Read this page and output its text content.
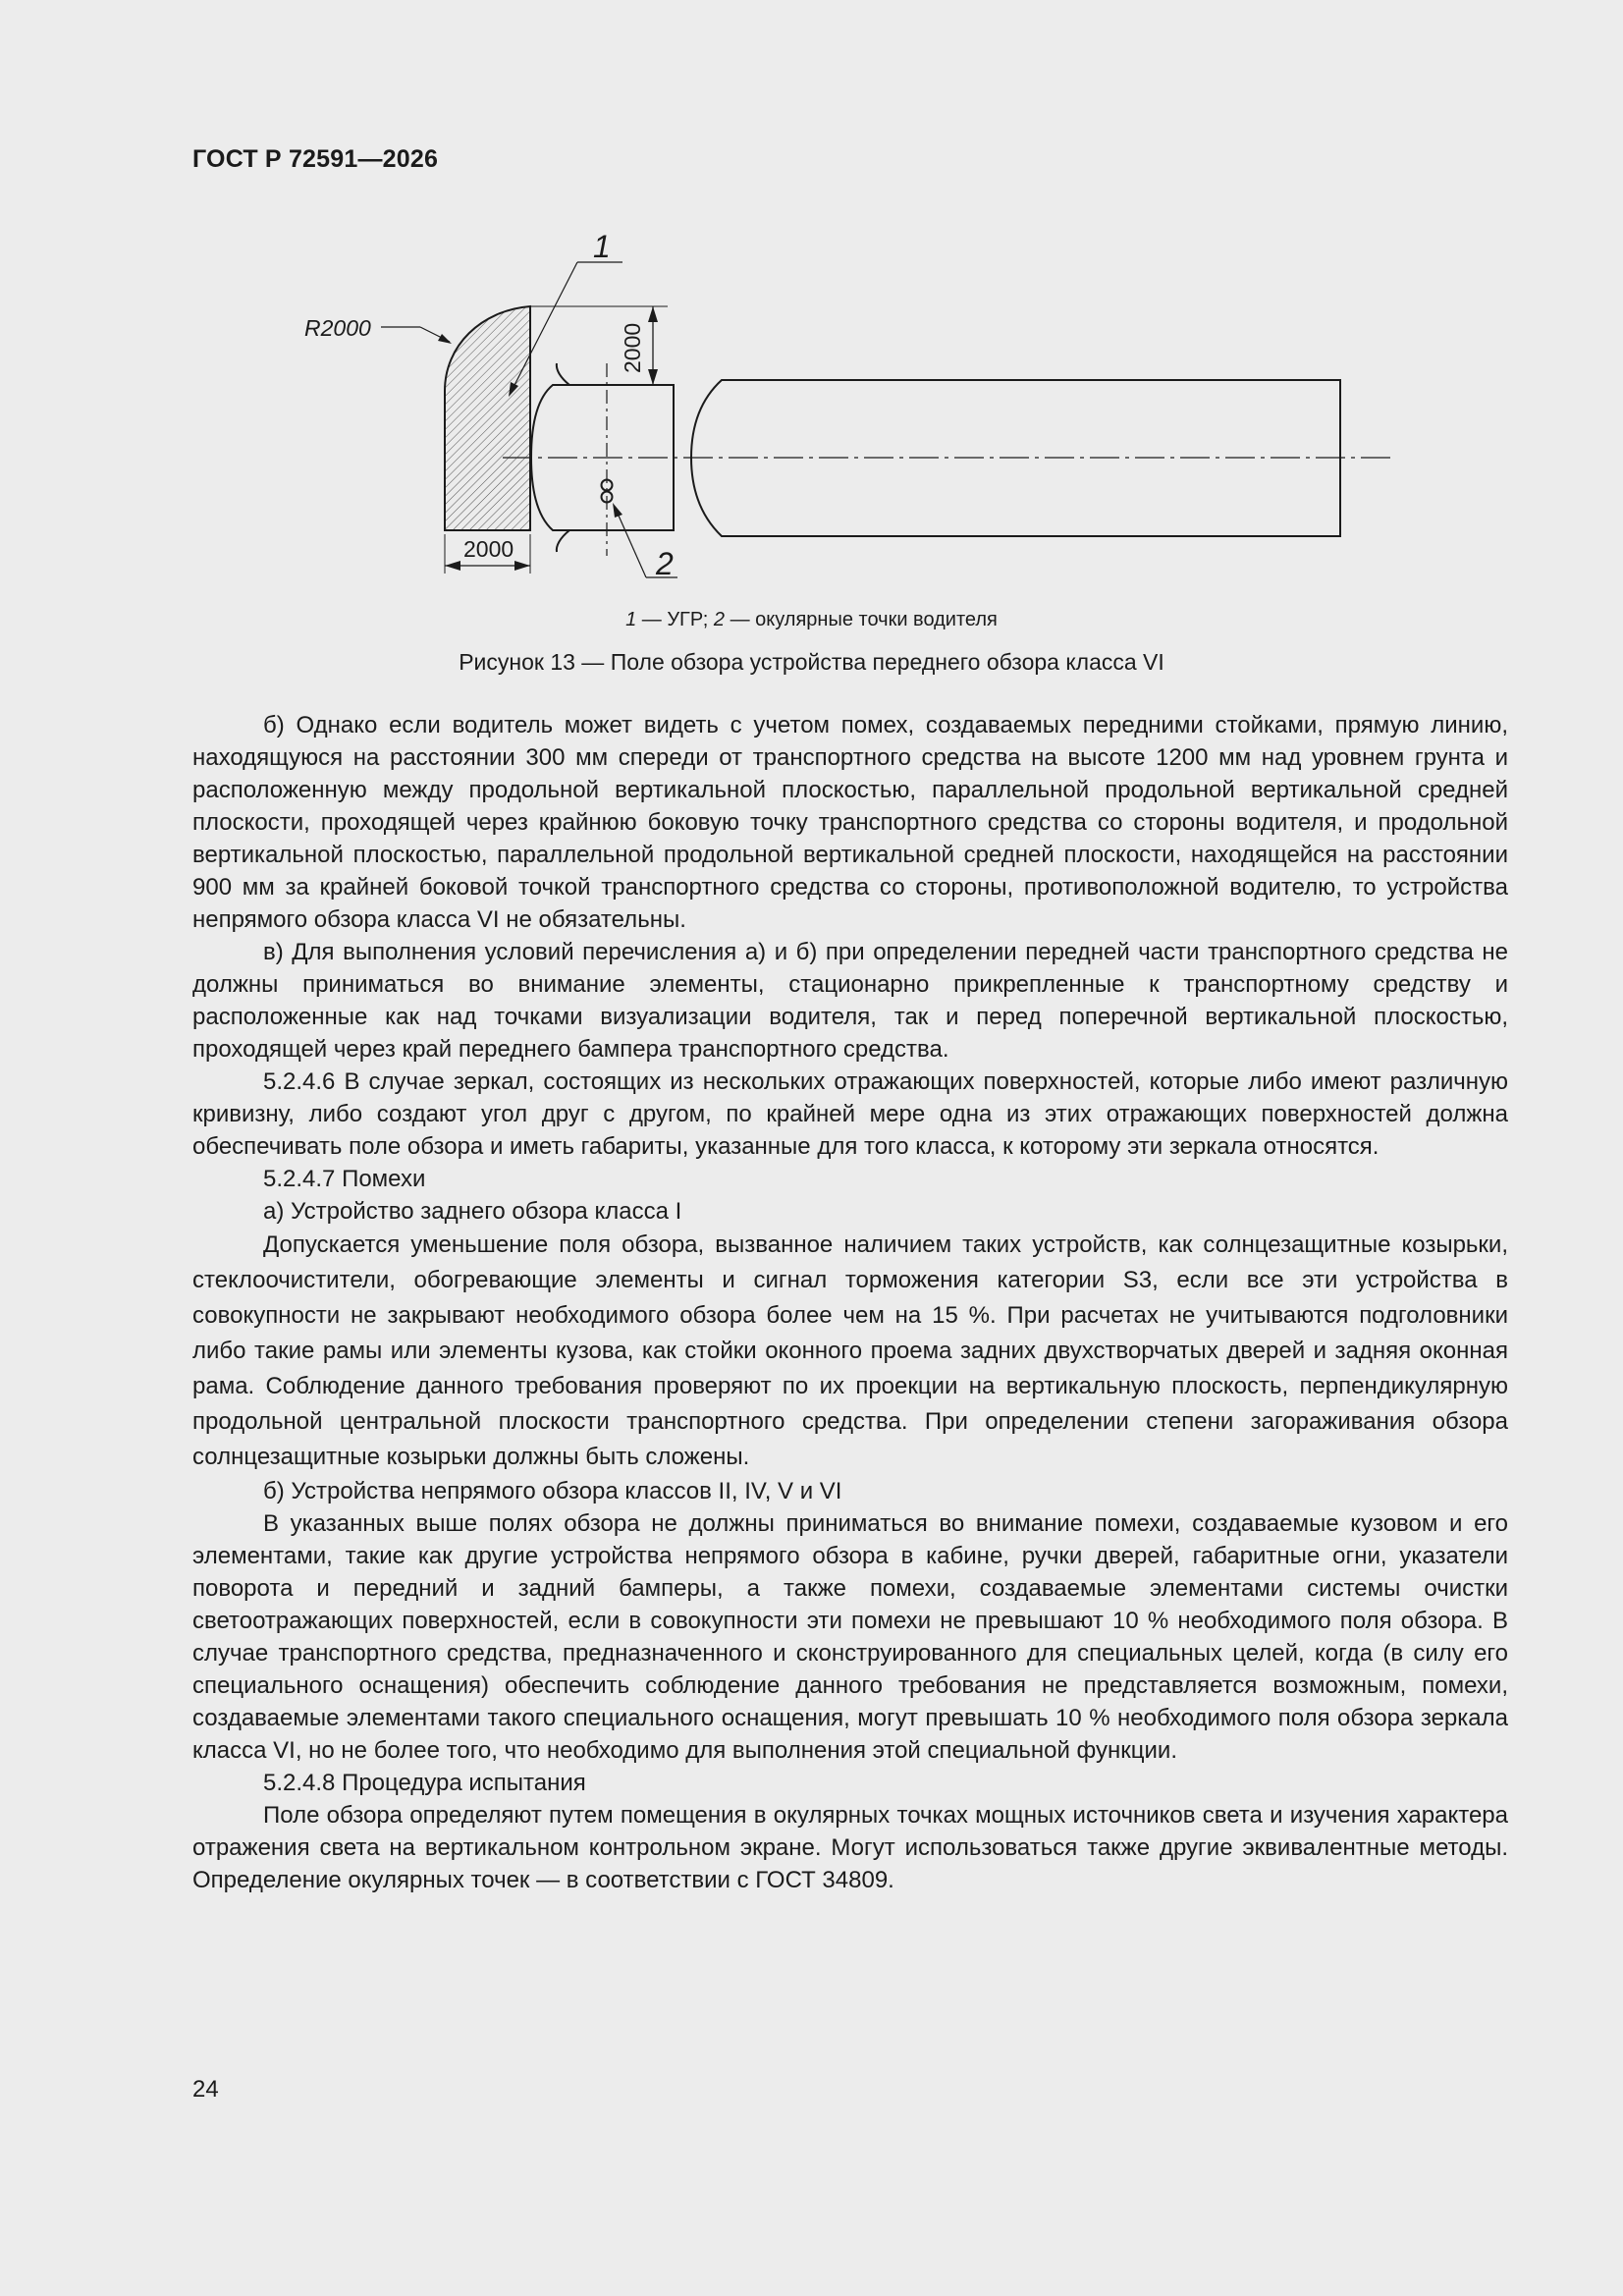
ГОСТ Р 72591—2026
R2000
1
2
2000
2000
1 — УГР; 2 — окулярные точки водителя
Рисунок 13 — Поле обзора устройства переднего обзора класса VI

б) Однако если водитель может видеть с учетом помех, создаваемых передними стойками, прямую линию, находящуюся на расстоянии 300 мм спереди от транспортного средства на высоте 1200 мм над уровнем грунта и расположенную между продольной вертикальной плоскостью, параллельной продольной вертикальной средней плоскости, проходящей через крайнюю боковую точку транспортного средства со стороны водителя, и продольной вертикальной плоскостью, параллельной продольной вертикальной средней плоскости, находящейся на расстоянии 900 мм за крайней боковой точкой транспортного средства со стороны, противоположной водителю, то устройства непрямого обзора класса VI не обязательны.

в) Для выполнения условий перечисления а) и б) при определении передней части транспортного средства не должны приниматься во внимание элементы, стационарно прикрепленные к транспортному средству и расположенные как над точками визуализации водителя, так и перед поперечной вертикальной плоскостью, проходящей через край переднего бампера транспортного средства.

5.2.4.6 В случае зеркал, состоящих из нескольких отражающих поверхностей, которые либо имеют различную кривизну, либо создают угол друг с другом, по крайней мере одна из этих отражающих поверхностей должна обеспечивать поле обзора и иметь габариты, указанные для того класса, к которому эти зеркала относятся.

5.2.4.7 Помехи

а) Устройство заднего обзора класса I

Допускается уменьшение поля обзора, вызванное наличием таких устройств, как солнцезащитные козырьки, стеклоочистители, обогревающие элементы и сигнал торможения категории S3, если все эти устройства в совокупности не закрывают необходимого обзора более чем на 15 %. При расчетах не учитываются подголовники либо такие рамы или элементы кузова, как стойки оконного проема задних двухстворчатых дверей и задняя оконная рама. Соблюдение данного требования проверяют по их проекции на вертикальную плоскость, перпендикулярную продольной центральной плоскости транспортного средства. При определении степени загораживания обзора солнцезащитные козырьки должны быть сложены.

б) Устройства непрямого обзора классов II, IV, V и VI

В указанных выше полях обзора не должны приниматься во внимание помехи, создаваемые кузовом и его элементами, такие как другие устройства непрямого обзора в кабине, ручки дверей, габаритные огни, указатели поворота и передний и задний бамперы, а также помехи, создаваемые элементами системы очистки светоотражающих поверхностей, если в совокупности эти помехи не превышают 10 % необходимого поля обзора. В случае транспортного средства, предназначенного и сконструированного для специальных целей, когда (в силу его специального оснащения) обеспечить соблюдение данного требования не представляется возможным, помехи, создаваемые элементами такого специального оснащения, могут превышать 10 % необходимого поля обзора зеркала класса VI, но не более того, что необходимо для выполнения этой специальной функции.

5.2.4.8 Процедура испытания

Поле обзора определяют путем помещения в окулярных точках мощных источников света и изучения характера отражения света на вертикальном контрольном экране. Могут использоваться также другие эквивалентные методы. Определение окулярных точек — в соответствии с ГОСТ 34809.

24
